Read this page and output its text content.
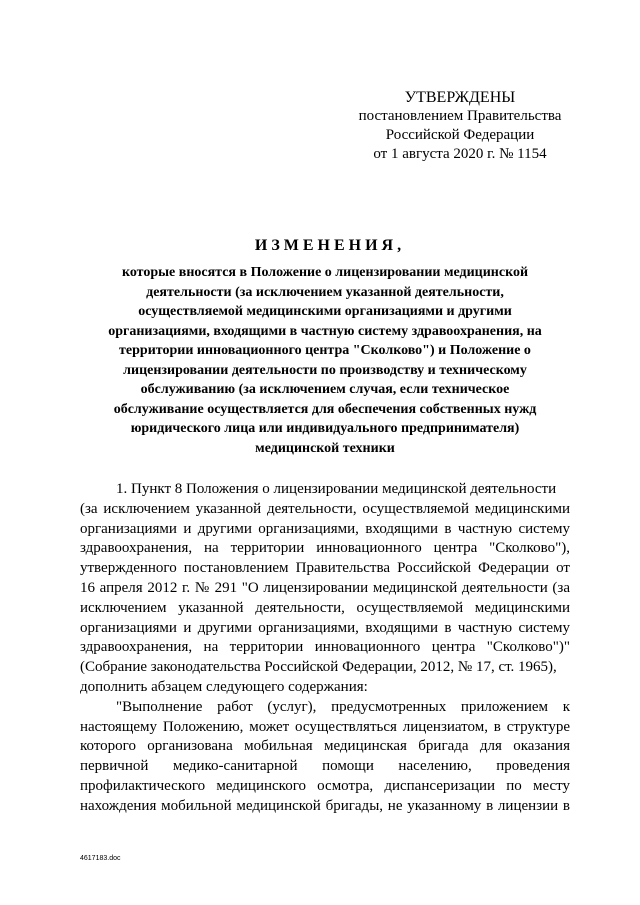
УТВЕРЖДЕНЫ
постановлением Правительства
Российской Федерации
от 1 августа 2020 г. № 1154
ИЗМЕНЕНИЯ,
которые вносятся в Положение о лицензировании медицинской
деятельности (за исключением указанной деятельности,
осуществляемой медицинскими организациями и другими
организациями, входящими в частную систему здравоохранения, на
территории инновационного центра "Сколково") и Положение о
лицензировании деятельности по производству и техническому
обслуживанию (за исключением случая, если техническое
обслуживание осуществляется для обеспечения собственных нужд
юридического лица или индивидуального предпринимателя)
медицинской техники
1. Пункт 8 Положения о лицензировании медицинской деятельности
(за исключением указанной деятельности, осуществляемой медицинскими
организациями и другими организациями, входящими в частную систему
здравоохранения, на территории инновационного центра "Сколково"),
утвержденного постановлением Правительства Российской Федерации от
16 апреля 2012 г. № 291 "О лицензировании медицинской деятельности (за
исключением указанной деятельности, осуществляемой медицинскими
организациями и другими организациями, входящими в частную систему
здравоохранения, на территории инновационного центра "Сколково")"
(Собрание законодательства Российской Федерации, 2012, № 17, ст. 1965),
дополнить абзацем следующего содержания:
"Выполнение работ (услуг), предусмотренных приложением к
настоящему Положению, может осуществляться лицензиатом, в структуре
которого организована мобильная медицинская бригада для оказания
первичной медико-санитарной помощи населению, проведения
профилактического медицинского осмотра, диспансеризации по месту
нахождения мобильной медицинской бригады, не указанному в лицензии в
4617183.doc
